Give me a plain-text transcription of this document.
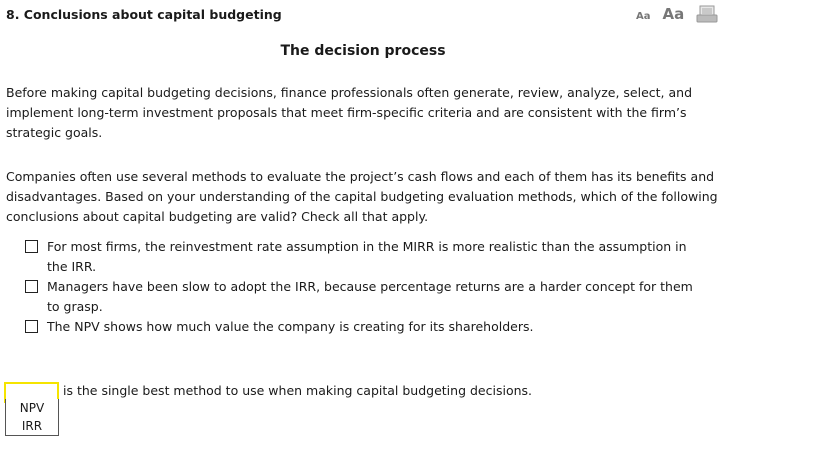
8. Conclusions about capital budgeting	Aa Aa
The decision process
Before making capital budgeting decisions, finance professionals often generate, review, analyze, select, and implement long-term investment proposals that meet firm-specific criteria and are consistent with the firm’s strategic goals.
Companies often use several methods to evaluate the project’s cash flows and each of them has its benefits and disadvantages. Based on your understanding of the capital budgeting evaluation methods, which of the following conclusions about capital budgeting are valid? Check all that apply.
For most firms, the reinvestment rate assumption in the MIRR is more realistic than the assumption in the IRR.
Managers have been slow to adopt the IRR, because percentage returns are a harder concept for them to grasp.
The NPV shows how much value the company is creating for its shareholders.
NPV
IRR
is the single best method to use when making capital budgeting decisions.
